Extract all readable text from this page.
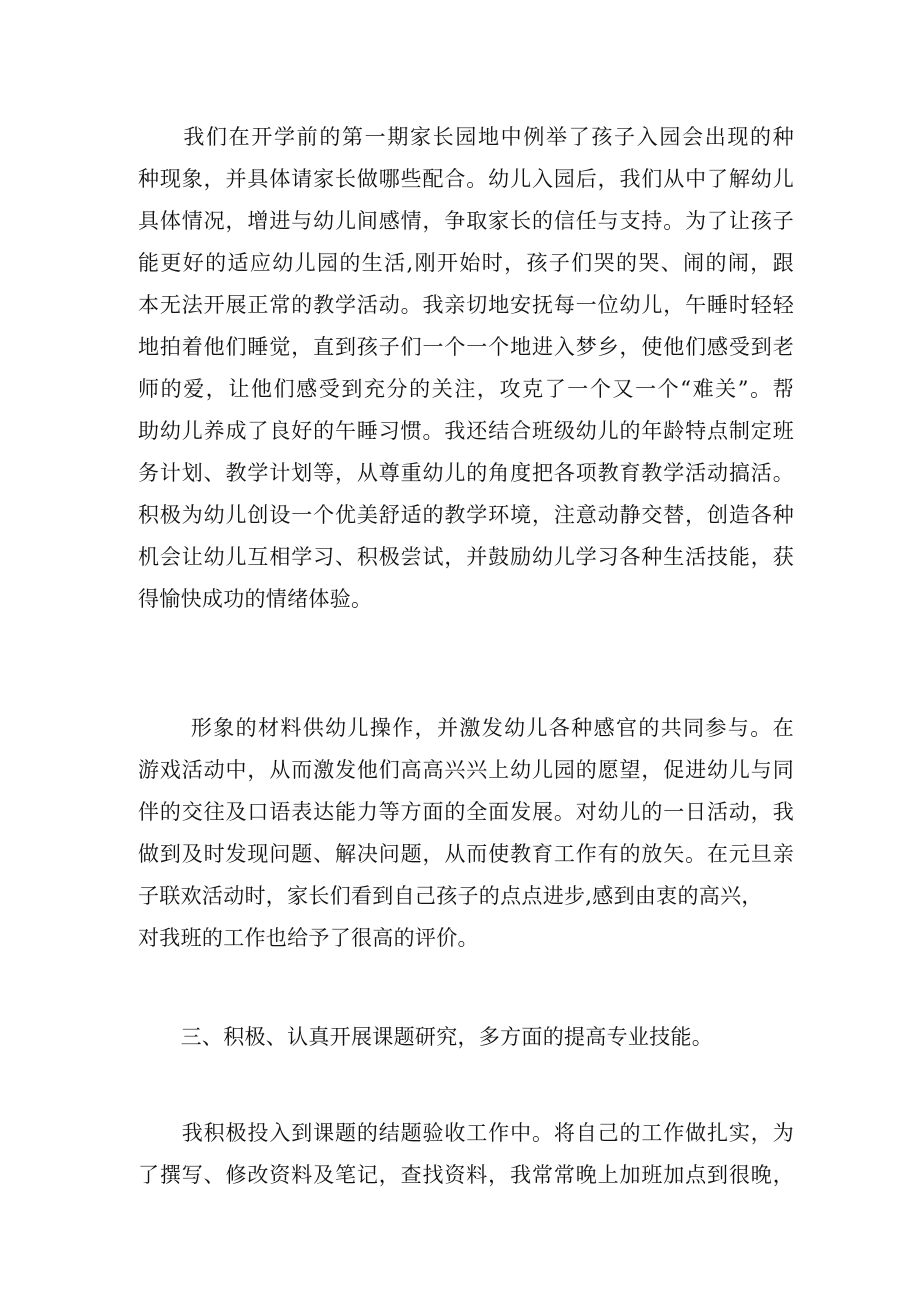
　　我们在开学前的第一期家长园地中例举了孩子入园会出现的种
种现象，并具体请家长做哪些配合。幼儿入园后，我们从中了解幼儿
具体情况，增进与幼儿间感情，争取家长的信任与支持。为了让孩子
能更好的适应幼儿园的生活,刚开始时，孩子们哭的哭、闹的闹，跟
本无法开展正常的教学活动。我亲切地安抚每一位幼儿，午睡时轻轻
地拍着他们睡觉，直到孩子们一个一个地进入梦乡，使他们感受到老
师的爱，让他们感受到充分的关注，攻克了一个又一个“难关”。帮
助幼儿养成了良好的午睡习惯。我还结合班级幼儿的年龄特点制定班
务计划、教学计划等，从尊重幼儿的角度把各项教育教学活动搞活。
积极为幼儿创设一个优美舒适的教学环境，注意动静交替，创造各种
机会让幼儿互相学习、积极尝试，并鼓励幼儿学习各种生活技能，获
得愉快成功的情绪体验。
　　 形象的材料供幼儿操作，并激发幼儿各种感官的共同参与。在
游戏活动中，从而激发他们高高兴兴上幼儿园的愿望，促进幼儿与同
伴的交往及口语表达能力等方面的全面发展。对幼儿的一日活动，我
做到及时发现问题、解决问题，从而使教育工作有的放矢。在元旦亲
子联欢活动时，家长们看到自己孩子的点点进步,感到由衷的高兴，
对我班的工作也给予了很高的评价。
　　三、积极、认真开展课题研究，多方面的提高专业技能。
　　我积极投入到课题的结题验收工作中。将自己的工作做扎实，为
了撰写、修改资料及笔记，查找资料，我常常晚上加班加点到很晚，
